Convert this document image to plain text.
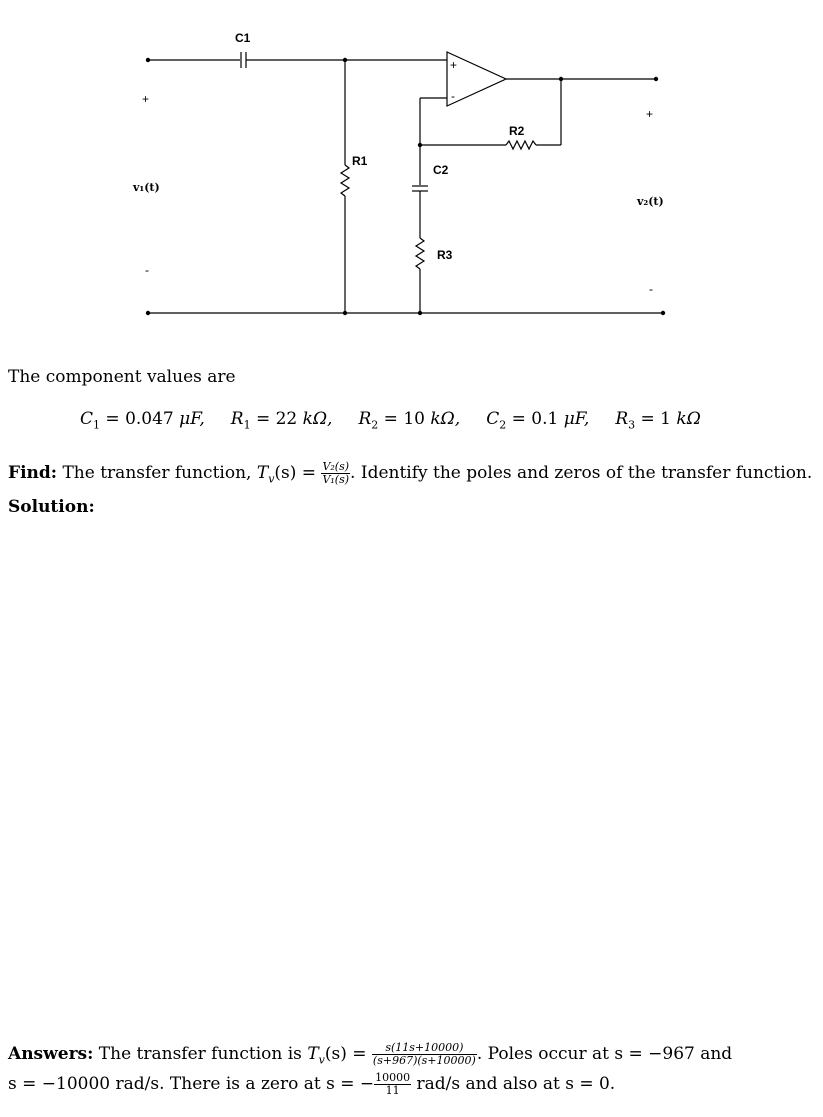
C1
R1
+
-
R2
C2
R3
+
v₁(t)
-
+
v₂(t)
-
The component values are
$C_1 = 0.047$ μF, $R_1 = 22$ kΩ, $R_2 = 10$ kΩ, $C_2 = 0.1$ μF, $R_3 = 1$ kΩ
Find: The transfer function, $T_v(s) = \frac{\text{V₂(s)}}{\text{V₁(s)}}$ . Identify the poles and zeros of the transfer function.
Solution:
Answers: The transfer function is $T_v(s) = \frac{s(11s+10000)}{(s+967)(s+10000)}$ . Poles occur at s = −967 and
s = −10000 rad/s. There is a zero at s = − $\frac{10000}{11} rad/s$ and also at s = 0.
